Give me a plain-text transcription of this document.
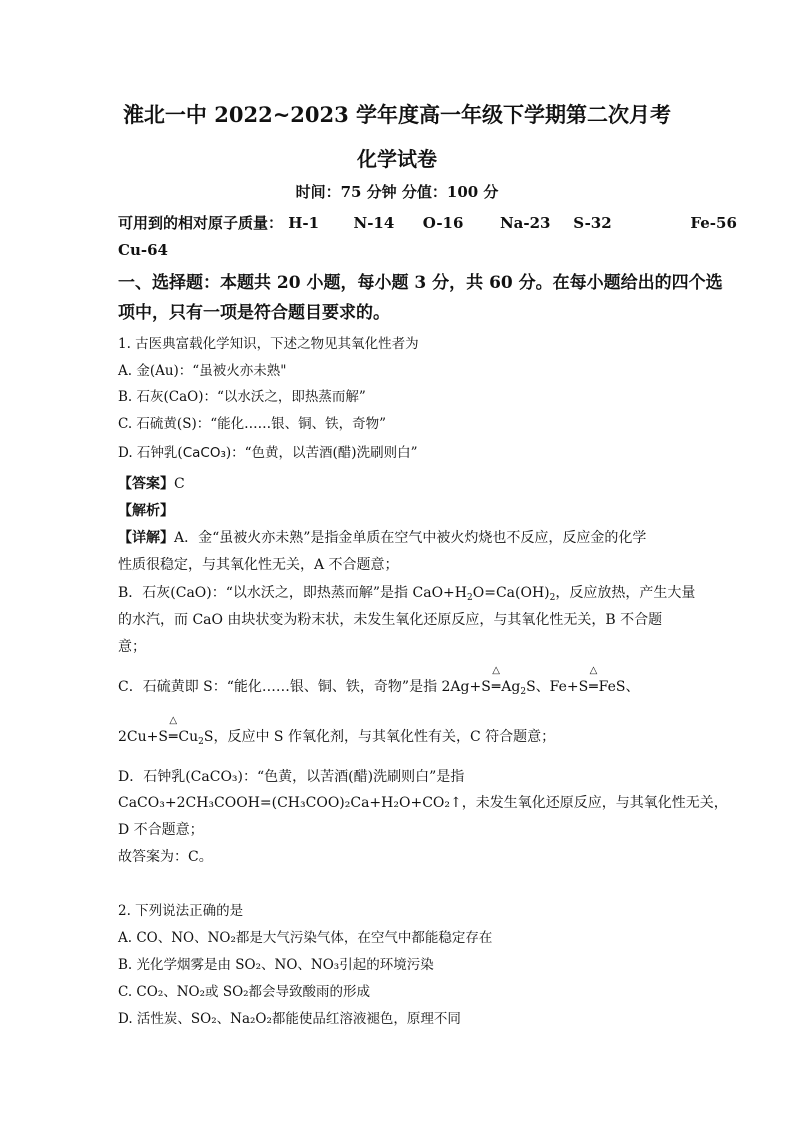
淮北一中 2022~2023 学年度高一年级下学期第二次月考
化学试卷
时间：75 分钟 分值：100 分
可用到的相对原子质量： H-1 N-14 O-16 Na-23 S-32	Fe-56
Cu-64
一、选择题：本题共 20 小题，每小题 3 分，共 60 分。在每小题给出的四个选
项中，只有一项是符合题目要求的。
1. 古医典富载化学知识，下述之物见其氧化性者为
A. 金(Au)：“虽被火亦未熟"
B. 石灰(CaO)：“以水沃之，即热蒸而解”
C. 石硫黄(S)：“能化……银、铜、铁，奇物”
D. 石钟乳(CaCO₃)：“色黄，以苦酒(醋)洗刷则白”
【答案】C
【解析】
【详解】A．金“虽被火亦未熟”是指金单质在空气中被火灼烧也不反应，反应金的化学
性质很稳定，与其氧化性无关，A 不合题意；
B．石灰(CaO)：“以水沃之，即热蒸而解”是指 $CaO+H_2O=Ca(OH)_2$，反应放热，产生大量
的水汽，而 CaO 由块状变为粉末状，未发生氧化还原反应，与其氧化性无关，B 不合题
意；
C．石硫黄即 S：“能化……银、铜、铁，奇物”是指 2Ag+S
△
$═Ag_2S$、Fe+S
△
═FeS、
2Cu+S
△
$═Cu_2S$，反应中 S 作氧化剂，与其氧化性有关，C 符合题意；
D．石钟乳(CaCO₃)：“色黄，以苦酒(醋)洗刷则白”是指
CaCO₃+2CH₃COOH=(CH₃COO)₂Ca+H₂O+CO₂↑，未发生氧化还原反应，与其氧化性无关，
D 不合题意；
故答案为：C。
2. 下列说法正确的是
A. CO、NO、NO₂都是大气污染气体，在空气中都能稳定存在
B. 光化学烟雾是由 SO₂、NO、NO₃引起的环境污染
C. CO₂、NO₂或 SO₂都会导致酸雨的形成
D. 活性炭、SO₂、Na₂O₂都能使品红溶液褪色，原理不同
